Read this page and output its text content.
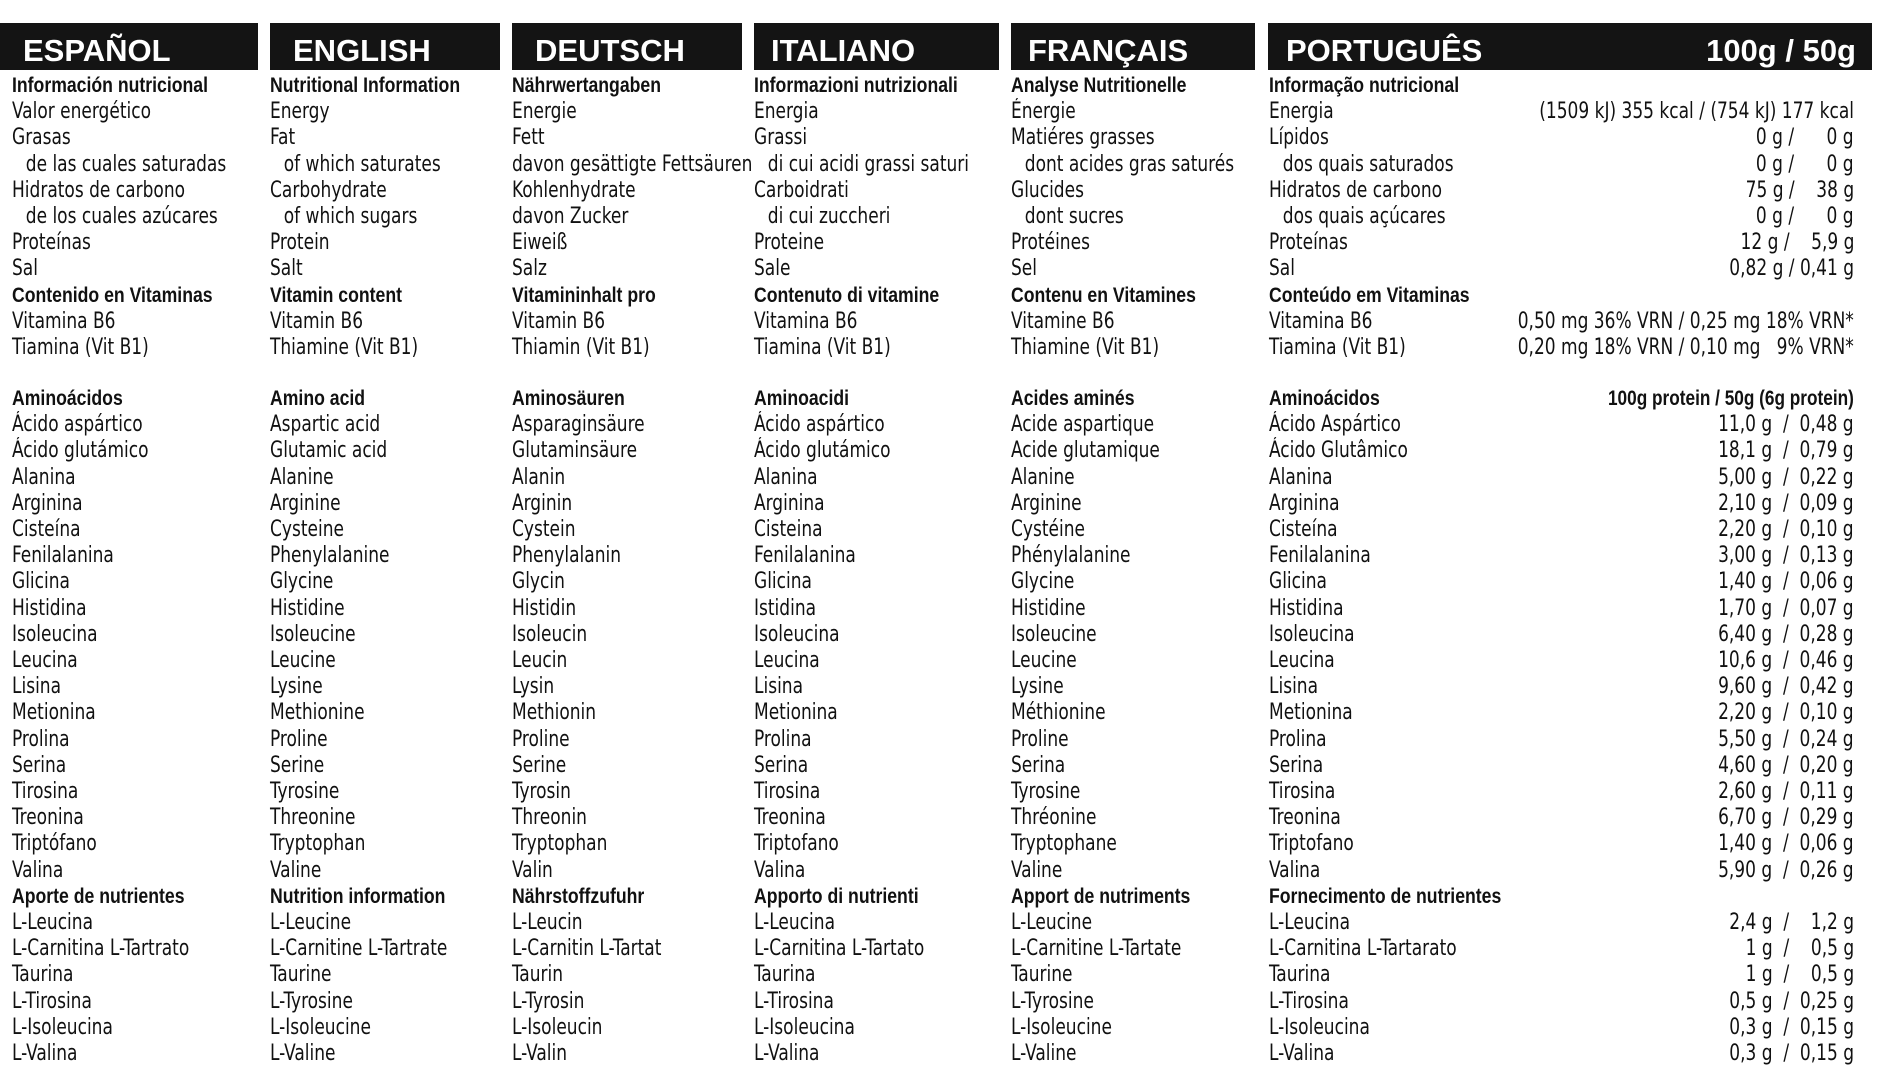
ESPAÑOL
Información nutricional
Valor energético
Grasas
de las cuales saturadas
Hidratos de carbono
de los cuales azúcares
Proteínas
Sal
Contenido en Vitaminas
Vitamina B6
Tiamina (Vit B1)
Aminoácidos
Ácido aspártico
Ácido glutámico
Alanina
Arginina
Cisteína
Fenilalanina
Glicina
Histidina
Isoleucina
Leucina
Lisina
Metionina
Prolina
Serina
Tirosina
Treonina
Triptófano
Valina
Aporte de nutrientes
L-Leucina
L-Carnitina L-Tartrato
Taurina
L-Tirosina
L-Isoleucina
L-Valina
ENGLISH
Nutritional Information
Energy
Fat
of which saturates
Carbohydrate
of which sugars
Protein
Salt
Vitamin content
Vitamin B6
Thiamine (Vit B1)
Amino acid
Aspartic acid
Glutamic acid
Alanine
Arginine
Cysteine
Phenylalanine
Glycine
Histidine
Isoleucine
Leucine
Lysine
Methionine
Proline
Serine
Tyrosine
Threonine
Tryptophan
Valine
Nutrition information
L-Leucine
L-Carnitine L-Tartrate
Taurine
L-Tyrosine
L-Isoleucine
L-Valine
DEUTSCH
Nährwertangaben
Energie
Fett
davon gesättigte Fettsäuren
Kohlenhydrate
davon Zucker
Eiweiß
Salz
Vitamininhalt pro
Vitamin B6
Thiamin (Vit B1)
Aminosäuren
Asparaginsäure
Glutaminsäure
Alanin
Arginin
Cystein
Phenylalanin
Glycin
Histidin
Isoleucin
Leucin
Lysin
Methionin
Proline
Serine
Tyrosin
Threonin
Tryptophan
Valin
Nährstoffzufuhr
L-Leucin
L-Carnitin L-Tartat
Taurin
L-Tyrosin
L-Isoleucin
L-Valin
ITALIANO
Informazioni nutrizionali
Energia
Grassi
di cui acidi grassi saturi
Carboidrati
di cui zuccheri
Proteine
Sale
Contenuto di vitamine
Vitamina B6
Tiamina (Vit B1)
Aminoacidi
Ácido aspártico
Ácido glutámico
Alanina
Arginina
Cisteina
Fenilalanina
Glicina
Istidina
Isoleucina
Leucina
Lisina
Metionina
Prolina
Serina
Tirosina
Treonina
Triptofano
Valina
Apporto di nutrienti
L-Leucina
L-Carnitina L-Tartato
Taurina
L-Tirosina
L-Isoleucina
L-Valina
FRANÇAIS
Analyse Nutritionelle
Énergie
Matiéres grasses
dont acides gras saturés
Glucides
dont sucres
Protéines
Sel
Contenu en Vitamines
Vitamine B6
Thiamine (Vit B1)
Acides aminés
Acide aspartique
Acide glutamique
Alanine
Arginine
Cystéine
Phénylalanine
Glycine
Histidine
Isoleucine
Leucine
Lysine
Méthionine
Proline
Serina
Tyrosine
Thréonine
Tryptophane
Valine
Apport de nutriments
L-Leucine
L-Carnitine L-Tartate
Taurine
L-Tyrosine
L-Isoleucine
L-Valine
PORTUGUÊS	100g / 50g
Informação nutricional
Energia	(1509 kJ) 355 kcal / (754 kJ) 177 kcal
Lípidos	0 g /      0 g
dos quais saturados	0 g /      0 g
Hidratos de carbono	75 g /    38 g
dos quais açúcares	0 g /      0 g
Proteínas	12 g /    5,9 g
Sal	0,82 g / 0,41 g
Conteúdo em Vitaminas
Vitamina B6	0,50 mg 36% VRN / 0,25 mg 18% VRN*
Tiamina (Vit B1)	0,20 mg 18% VRN / 0,10 mg   9% VRN*
Aminoácidos	100g protein / 50g (6g protein)
Ácido Aspártico	11,0 g  /  0,48 g
Ácido Glutâmico	18,1 g  /  0,79 g
Alanina	5,00 g  /  0,22 g
Arginina	2,10 g  /  0,09 g
Cisteína	2,20 g  /  0,10 g
Fenilalanina	3,00 g  /  0,13 g
Glicina	1,40 g  /  0,06 g
Histidina	1,70 g  /  0,07 g
Isoleucina	6,40 g  /  0,28 g
Leucina	10,6 g  /  0,46 g
Lisina	9,60 g  /  0,42 g
Metionina	2,20 g  /  0,10 g
Prolina	5,50 g  /  0,24 g
Serina	4,60 g  /  0,20 g
Tirosina	2,60 g  /  0,11 g
Treonina	6,70 g  /  0,29 g
Triptofano	1,40 g  /  0,06 g
Valina	5,90 g  /  0,26 g
Fornecimento de nutrientes
L-Leucina	2,4 g  /    1,2 g
L-Carnitina L-Tartarato	1 g  /    0,5 g
Taurina	1 g  /    0,5 g
L-Tirosina	0,5 g  /  0,25 g
L-Isoleucina	0,3 g  /  0,15 g
L-Valina	0,3 g  /  0,15 g
